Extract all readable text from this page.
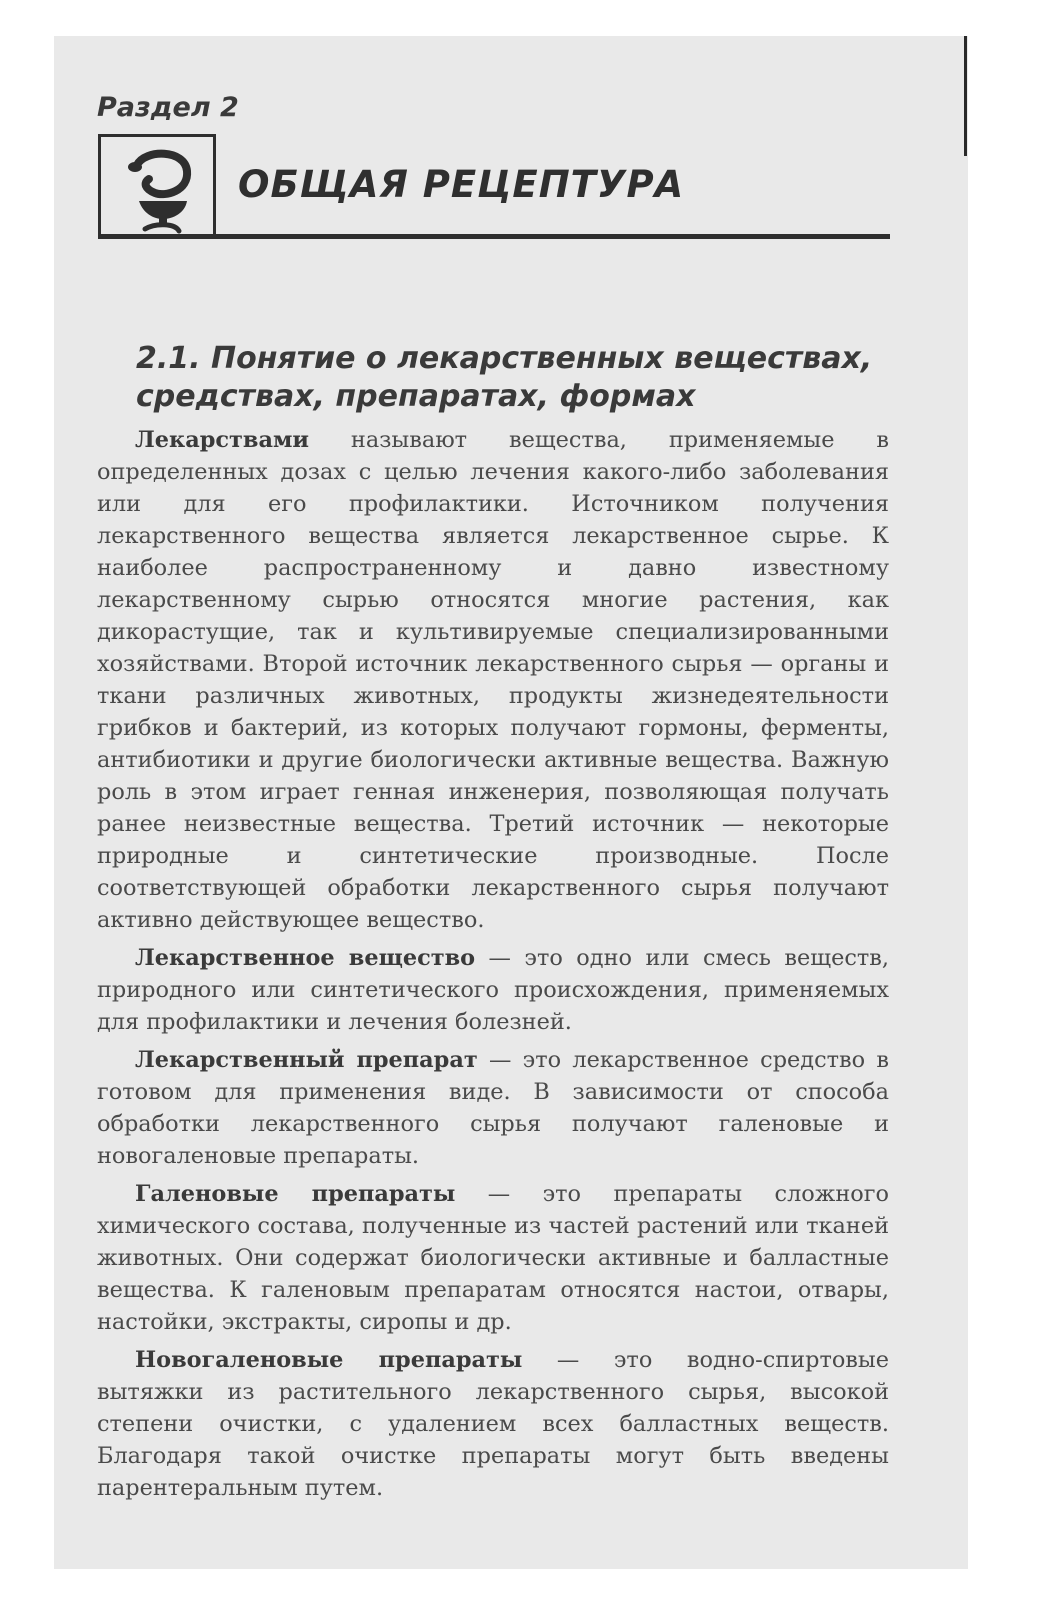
Раздел 2
ОБЩАЯ РЕЦЕПТУРА
2.1. Понятие о лекарственных веществах, средствах, препаратах, формах

Лекарствами называют вещества, применяемые в определенных дозах с целью лечения какого-либо заболевания или для его профилактики. Источником получения лекарственного вещества является лекарственное сырье. К наиболее распространенному и давно известному лекарственному сырью относятся многие растения, как дикорастущие, так и культивируемые специализированными хозяйствами. Второй источник лекарственного сырья — органы и ткани различных животных, продукты жизнедеятельности грибков и бактерий, из которых получают гормоны, ферменты, антибиотики и другие биологически активные вещества. Важную роль в этом играет генная инженерия, позволяющая получать ранее неизвестные вещества. Третий источник — некоторые природные и синтетические производные. После соответствующей обработки лекарственного сырья получают активно действующее вещество.

Лекарственное вещество — это одно или смесь веществ, природного или синтетического происхождения, применяемых для профилактики и лечения болезней.

Лекарственный препарат — это лекарственное средство в готовом для применения виде. В зависимости от способа обработки лекарственного сырья получают галеновые и новогаленовые препараты.

Галеновые препараты — это препараты сложного химического состава, полученные из частей растений или тканей животных. Они содержат биологически активные и балластные вещества. К галеновым препаратам относятся настои, отвары, настойки, экстракты, сиропы и др.

Новогаленовые препараты — это водно-спиртовые вытяжки из растительного лекарственного сырья, высокой степени очистки, с удалением всех балластных веществ. Благодаря такой очистке препараты могут быть введены парентеральным путем.
